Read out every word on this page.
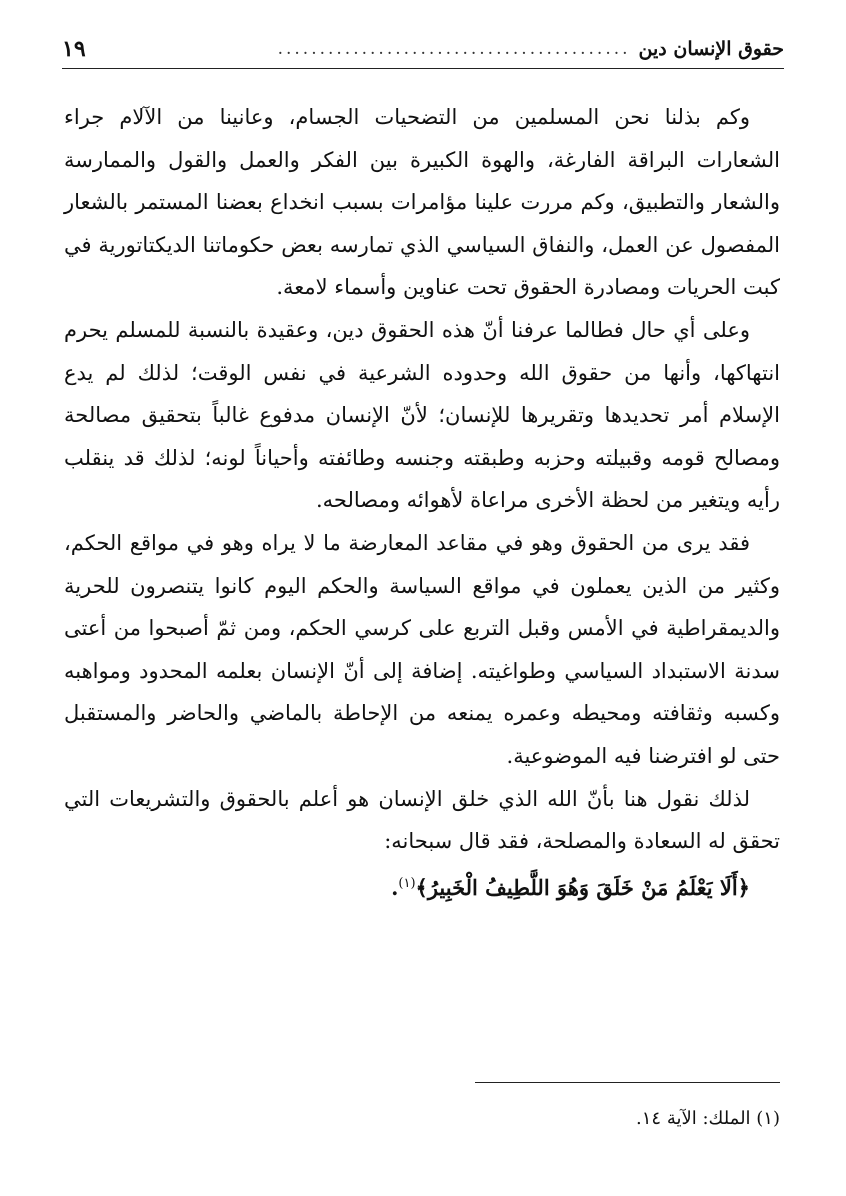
حقوق الإنسان دين
..........................................
١٩

وكم بذلنا نحن المسلمين من التضحيات الجسام، وعانينا من الآلام جراء الشعارات البراقة الفارغة، والهوة الكبيرة بين الفكر والعمل والقول والممارسة والشعار والتطبيق، وكم مررت علينا مؤامرات بسبب انخداع بعضنا المستمر بالشعار المفصول عن العمل، والنفاق السياسي الذي تمارسه بعض حكوماتنا الديكتاتورية في كبت الحريات ومصادرة الحقوق تحت عناوين وأسماء لامعة.

وعلى أي حال فطالما عرفنا أنّ هذه الحقوق دين، وعقيدة بالنسبة للمسلم يحرم انتهاكها، وأنها من حقوق الله وحدوده الشرعية في نفس الوقت؛ لذلك لم يدع الإسلام أمر تحديدها وتقريرها للإنسان؛ لأنّ الإنسان مدفوع غالباً بتحقيق مصالحة ومصالح قومه وقبيلته وحزبه وطبقته وجنسه وطائفته وأحياناً لونه؛ لذلك قد ينقلب رأيه ويتغير من لحظة الأخرى مراعاة لأهوائه ومصالحه.

فقد يرى من الحقوق وهو في مقاعد المعارضة ما لا يراه وهو في مواقع الحكم، وكثير من الذين يعملون في مواقع السياسة والحكم اليوم كانوا يتنصرون للحرية والديمقراطية في الأمس وقبل التربع على كرسي الحكم، ومن ثمّ أصبحوا من أعتى سدنة الاستبداد السياسي وطواغيته. إضافة إلى أنّ الإنسان بعلمه المحدود ومواهبه وكسبه وثقافته ومحيطه وعمره يمنعه من الإحاطة بالماضي والحاضر والمستقبل حتى لو افترضنا فيه الموضوعية.

لذلك نقول هنا بأنّ الله الذي خلق الإنسان هو أعلم بالحقوق والتشريعات التي تحقق له السعادة والمصلحة، فقد قال سبحانه:

﴿أَلَا يَعْلَمُ مَنْ خَلَقَ وَهُوَ اللَّطِيفُ الْخَبِيرُ﴾$^{(١)}$.
(١) الملك: الآية ١٤.
